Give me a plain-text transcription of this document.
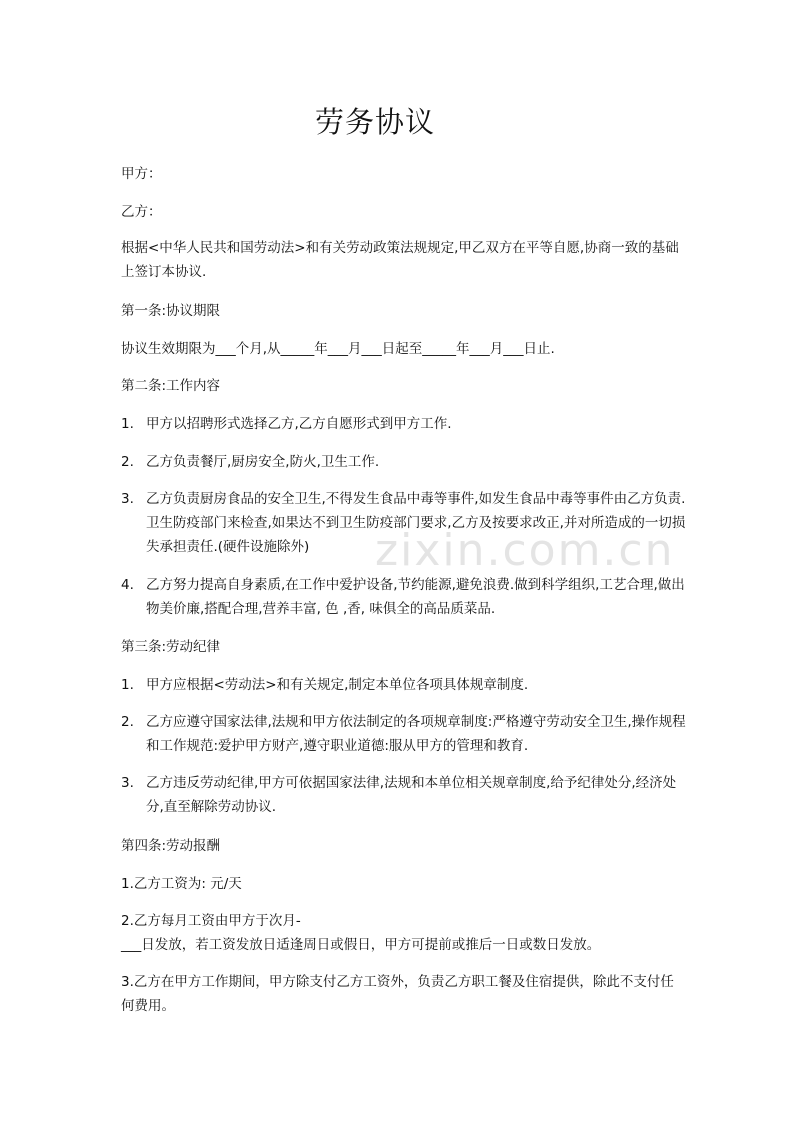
zixin.com.cn
劳务协议
甲方：
乙方：
根据<中华人民共和国劳动法>和有关劳动政策法规规定,甲乙双方在平等自愿,协商一致的基础上签订本协议.
第一条:协议期限
协议生效期限为___个月,从_____年___月___日起至_____年___月___日止.
第二条:工作内容
1. 甲方以招聘形式选择乙方,乙方自愿形式到甲方工作.
2. 乙方负责餐厅,厨房安全,防火,卫生工作.
3. 乙方负责厨房食品的安全卫生,不得发生食品中毒等事件,如发生食品中毒等事件由乙方负责.卫生防疫部门来检查,如果达不到卫生防疫部门要求,乙方及按要求改正,并对所造成的一切损失承担责任.(硬件设施除外)
4. 乙方努力提高自身素质,在工作中爱护设备,节约能源,避免浪费.做到科学组织,工艺合理,做出物美价廉,搭配合理,营养丰富, 色 ,香, 味俱全的高品质菜品.
第三条:劳动纪律
1. 甲方应根据<劳动法>和有关规定,制定本单位各项具体规章制度.
2. 乙方应遵守国家法律,法规和甲方依法制定的各项规章制度:严格遵守劳动安全卫生,操作规程和工作规范:爱护甲方财产,遵守职业道德:服从甲方的管理和教育.
3. 乙方违反劳动纪律,甲方可依据国家法律,法规和本单位相关规章制度,给予纪律处分,经济处分,直至解除劳动协议.
第四条:劳动报酬
1.乙方工资为: 元/天
2.乙方每月工资由甲方于次月-
___日发放，若工资发放日适逢周日或假日，甲方可提前或推后一日或数日发放。
3.乙方在甲方工作期间，甲方除支付乙方工资外，负责乙方职工餐及住宿提供，除此不支付任何费用。
